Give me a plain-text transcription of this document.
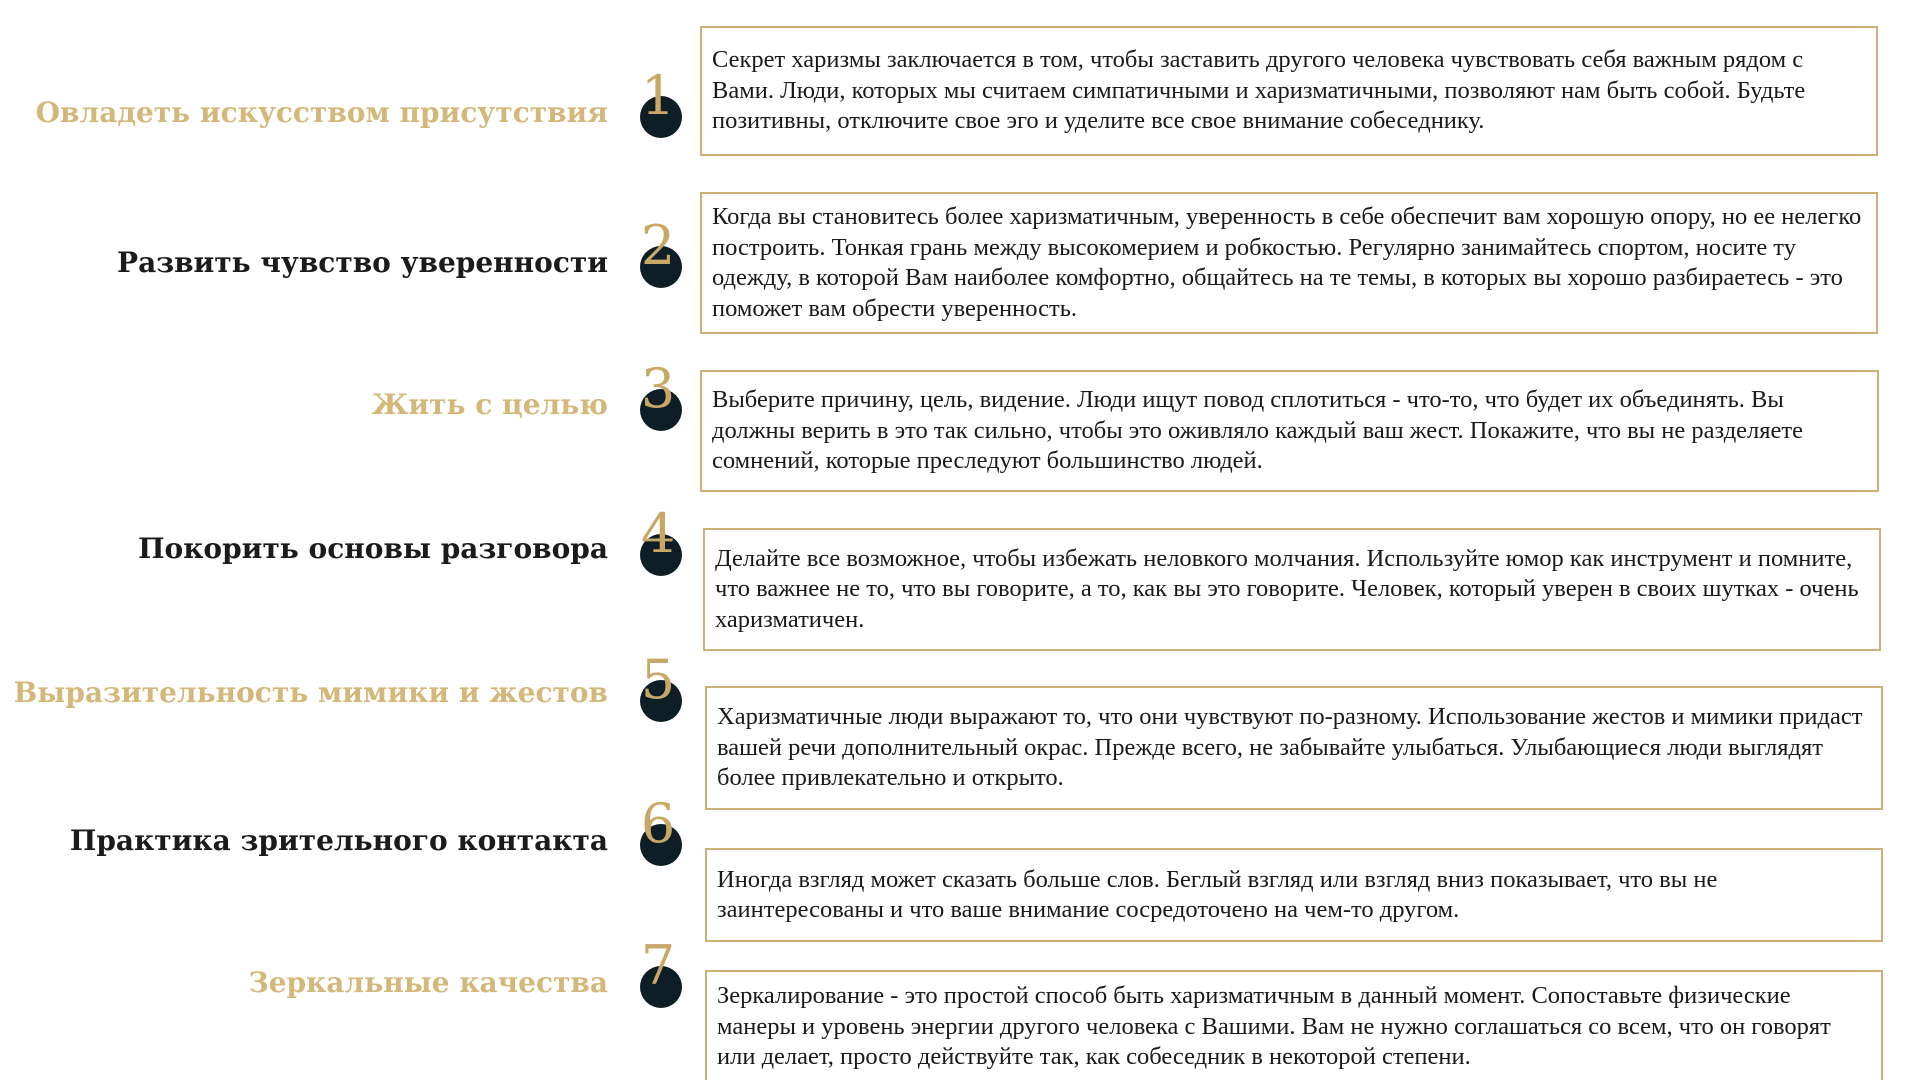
Овладеть искусством присутствия 1
Секрет харизмы заключается в том, чтобы заставить другого человека чувствовать себя важным рядом с Вами. Люди, которых мы считаем симпатичными и харизматичными, позволяют нам быть собой. Будьте позитивны, отключите свое эго и уделите все свое внимание собеседнику.
Развить чувство уверенности 2	Когда вы становитесь более харизматичным, уверенность в себе обеспечит вам хорошую опору, но ее нелегко построить. Тонкая грань между высокомерием и робкостью. Регулярно занимайтесь спортом, носите ту одежду, в которой Вам наиболее комфортно, общайтесь на те темы, в которых вы хорошо разбираетесь - это поможет вам обрести уверенность.
Жить с целью 3	Выберите причину, цель, видение. Люди ищут повод сплотиться - что-то, что будет их объединять. Вы должны верить в это так сильно, чтобы это оживляло каждый ваш жест. Покажите, что вы не разделяете сомнений, которые преследуют большинство людей.
Покорить основы разговора 4	Делайте все возможное, чтобы избежать неловкого молчания. Используйте юмор как инструмент и помните, что важнее не то, что вы говорите, а то, как вы это говорите. Человек, который уверен в своих шутках - очень харизматичен.
Выразительность мимики и жестов 5
Харизматичные люди выражают то, что они чувствуют по-разному. Использование жестов и мимики придаст вашей речи дополнительный окрас. Прежде всего, не забывайте улыбаться. Улыбающиеся люди выглядят более привлекательно и открыто.
Практика зрительного контакта 6
Иногда взгляд может сказать больше слов. Беглый взгляд или взгляд вниз показывает, что вы не заинтересованы и что ваше внимание сосредоточено на чем-то другом.
Зеркальные качества 7	Зеркалирование - это простой способ быть харизматичным в данный момент. Сопоставьте физические манеры и уровень энергии другого человека с Вашими. Вам не нужно соглашаться со всем, что он говорят или делает, просто действуйте так, как собеседник в некоторой степени.
